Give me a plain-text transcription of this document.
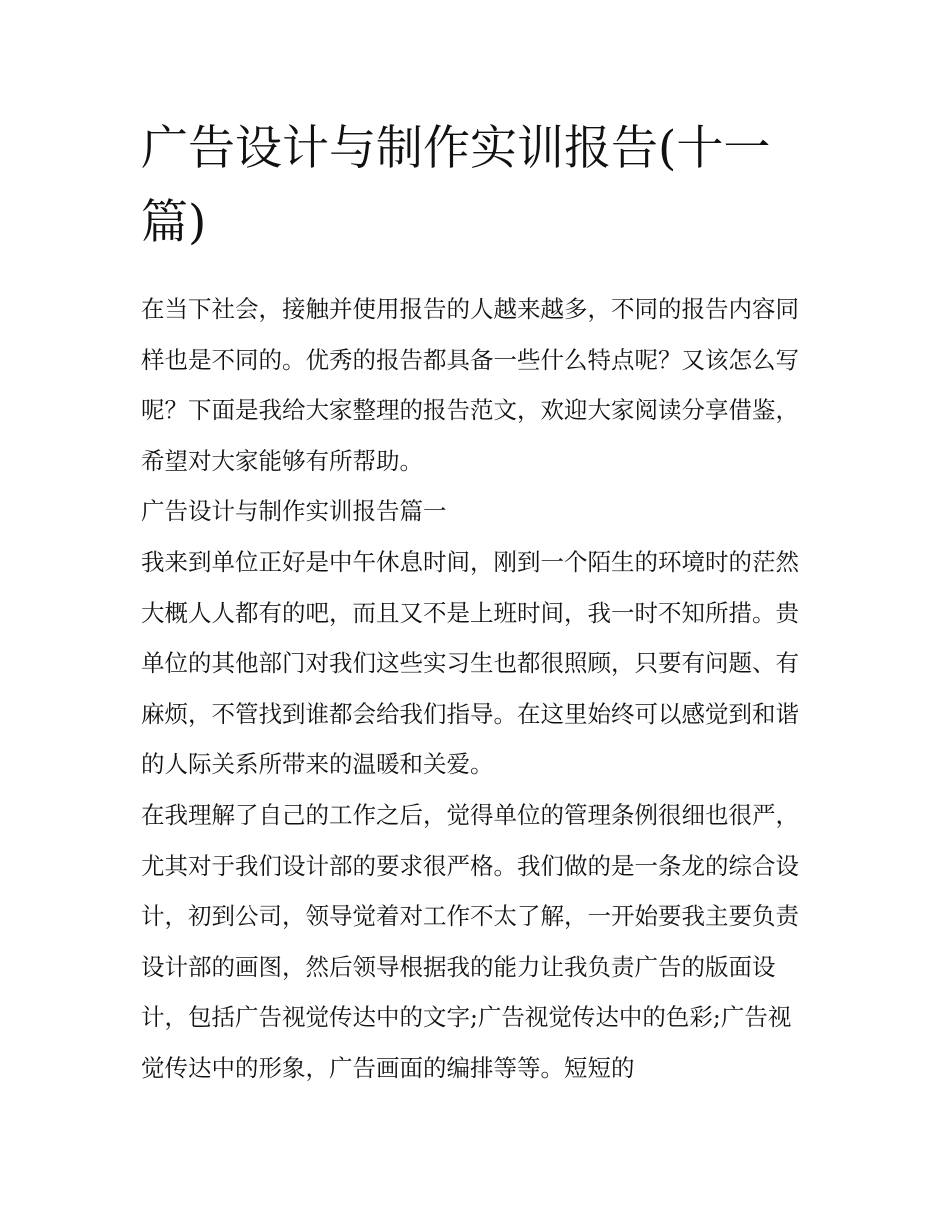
广告设计与制作实训报告(十一篇)

在当下社会，接触并使用报告的人越来越多，不同的报告内容同样也是不同的。优秀的报告都具备一些什么特点呢？又该怎么写呢？下面是我给大家整理的报告范文，欢迎大家阅读分享借鉴，希望对大家能够有所帮助。

广告设计与制作实训报告篇一

我来到单位正好是中午休息时间，刚到一个陌生的环境时的茫然大概人人都有的吧，而且又不是上班时间，我一时不知所措。贵单位的其他部门对我们这些实习生也都很照顾，只要有问题、有麻烦，不管找到谁都会给我们指导。在这里始终可以感觉到和谐的人际关系所带来的温暖和关爱。

在我理解了自己的工作之后，觉得单位的管理条例很细也很严，尤其对于我们设计部的要求很严格。我们做的是一条龙的综合设计，初到公司，领导觉着对工作不太了解，一开始要我主要负责设计部的画图，然后领导根据我的能力让我负责广告的版面设计，包括广告视觉传达中的文字;广告视觉传达中的色彩;广告视觉传达中的形象，广告画面的编排等等。短短的
